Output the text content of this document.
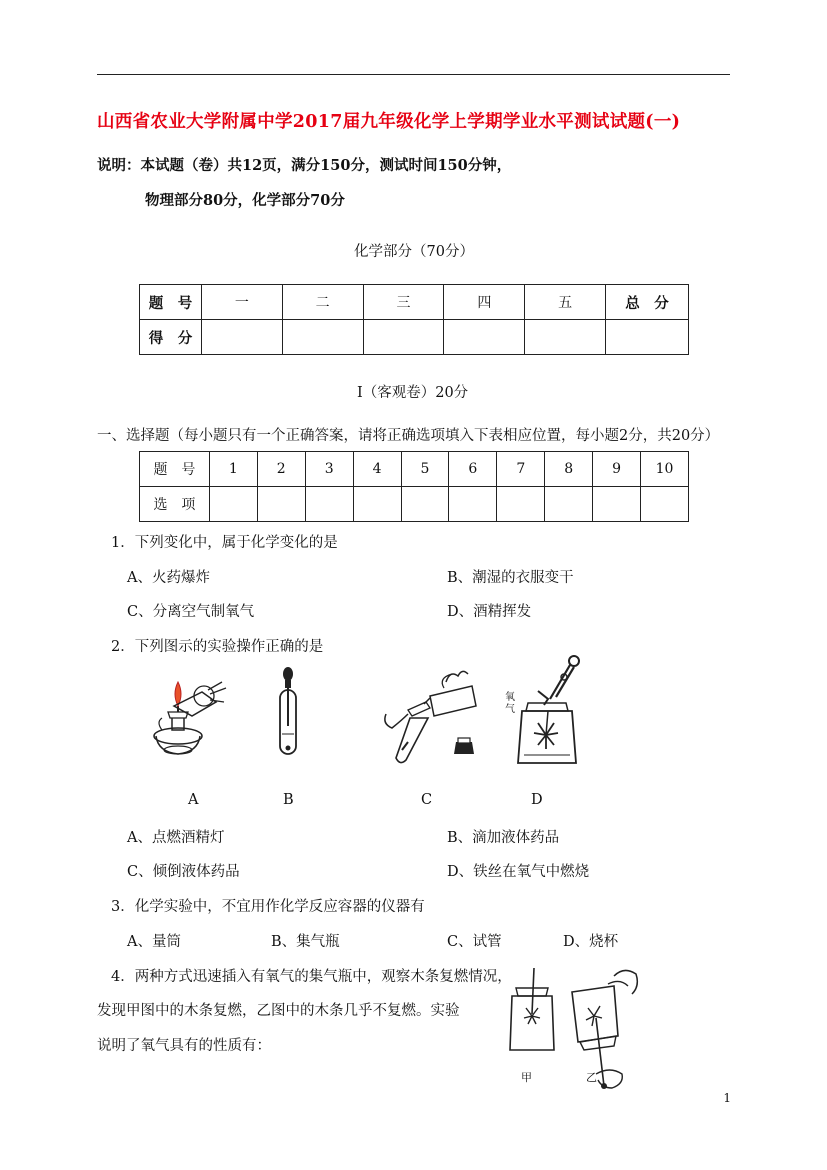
山西省农业大学附属中学2017届九年级化学上学期学业水平测试试题(一)
说明：本试题（卷）共12页，满分150分，测试时间150分钟，
物理部分80分，化学部分70分
化学部分（70分）
题　号	一	二	三	四	五	总　分
得　分						
Ⅰ（客观卷）20分
一、选择题（每小题只有一个正确答案，请将正确选项填入下表相应位置，每小题2分，共20分）
题　号	1	2	3	4	5	6	7	8	9	10
选　项										
1．下列变化中，属于化学变化的是
A、火药爆炸	B、潮湿的衣服变干
C、分离空气制氧气	D、酒精挥发
2．下列图示的实验操作正确的是
氧气
A	B	C	D
A、点燃酒精灯	B、滴加液体药品
C、倾倒液体药品	D、铁丝在氧气中燃烧
3．化学实验中，不宜用作化学反应容器的仪器有
A、量筒	B、集气瓶	C、试管	D、烧杯
4．两种方式迅速插入有氧气的集气瓶中，观察木条复燃情况，
发现甲图中的木条复燃，乙图中的木条几乎不复燃。实验
说明了氧气具有的性质有：
甲	乙
1
